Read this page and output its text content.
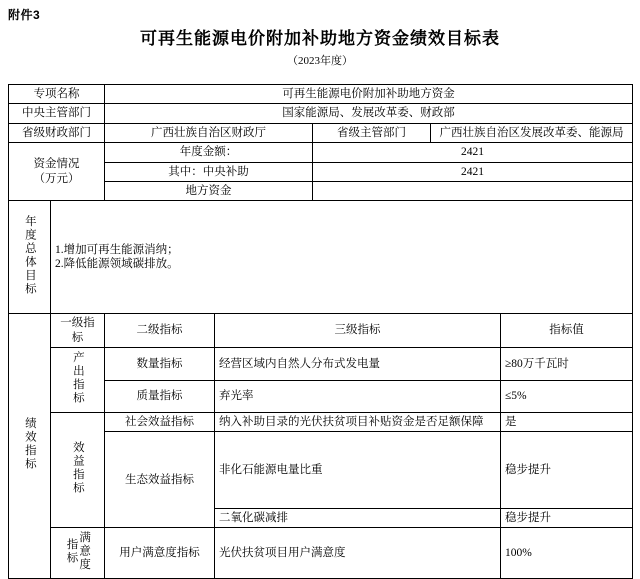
附件3
可再生能源电价附加补助地方资金绩效目标表
（2023年度）
专项名称		可再生能源电价附加补助地方资金				
中央主管部门		国家能源局、发展改革委、财政部				
省级财政部门		广西壮族自治区财政厅		省级主管部门	广西壮族自治区发展改革委、能源局	

资金情况
（万元）		年度金额：		2421		
		其中：中央补助		2421		
		地方资金				
年度总体目标	1.增加可再生能源消纳；
2.降低能源领域碳排放。					

绩效指标	一级指标	二级指标	三级指标			指标值
	产出指标	数量指标	经营区域内自然人分布式发电量			≥80万千瓦时
		质量指标	弃光率			≤5%
	效益指标	社会效益指标	纳入补助目录的光伏扶贫项目补贴资金是否足额保障			是
		生态效益指标	非化石能源电量比重			稳步提升
			二氧化碳减排			稳步提升
	满意度指标	用户满意度指标	光伏扶贫项目用户满意度			100%
